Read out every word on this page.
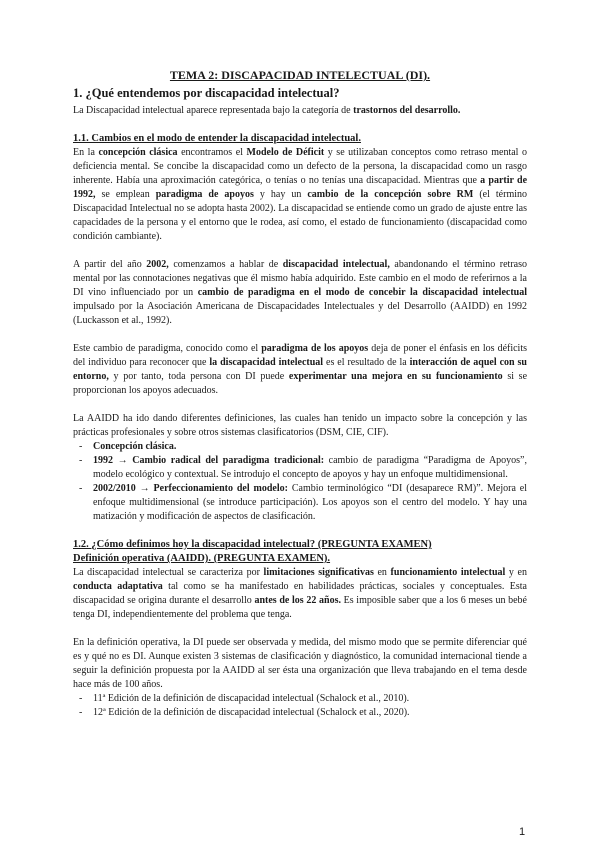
TEMA 2: DISCAPACIDAD INTELECTUAL (DI).
1. ¿Qué entendemos por discapacidad intelectual?

La Discapacidad intelectual aparece representada bajo la categoría de trastornos del desarrollo.

1.1. Cambios en el modo de entender la discapacidad intelectual.

En la concepción clásica encontramos el Modelo de Déficit y se utilizaban conceptos como retraso mental o deficiencia mental. Se concibe la discapacidad como un defecto de la persona, la discapacidad como un rasgo inherente. Había una aproximación categórica, o tenías o no tenías una discapacidad. Mientras que a partir de 1992, se emplean paradigma de apoyos y hay un cambio de la concepción sobre RM (el término Discapacidad Intelectual no se adopta hasta 2002). La discapacidad se entiende como un grado de ajuste entre las capacidades de la persona y el entorno que le rodea, así como, el estado de funcionamiento (discapacidad como condición cambiante).

A partir del año 2002, comenzamos a hablar de discapacidad intelectual, abandonando el término retraso mental por las connotaciones negativas que él mismo había adquirido. Este cambio en el modo de referirnos a la DI vino influenciado por un cambio de paradigma en el modo de concebir la discapacidad intelectual impulsado por la Asociación Americana de Discapacidades Intelectuales y del Desarrollo (AAIDD) en 1992 (Luckasson et al., 1992).

Este cambio de paradigma, conocido como el paradigma de los apoyos deja de poner el énfasis en los déficits del individuo para reconocer que la discapacidad intelectual es el resultado de la interacción de aquel con su entorno, y por tanto, toda persona con DI puede experimentar una mejora en su funcionamiento si se proporcionan los apoyos adecuados.

La AAIDD ha ido dando diferentes definiciones, las cuales han tenido un impacto sobre la concepción y las prácticas profesionales y sobre otros sistemas clasificatorios (DSM, CIE, CIF).

- Concepción clásica.
- 1992 → Cambio radical del paradigma tradicional: cambio de paradigma “Paradigma de Apoyos”, modelo ecológico y contextual. Se introdujo el concepto de apoyos y hay un enfoque multidimensional.
- 2002/2010 → Perfeccionamiento del modelo: Cambio terminológico “DI (desaparece RM)”. Mejora el enfoque multidimensional (se introduce participación). Los apoyos son el centro del modelo. Y hay una matización y modificación de aspectos de clasificación.
1.2. ¿Cómo definimos hoy la discapacidad intelectual? (PREGUNTA EXAMEN)
Definición operativa (AAIDD). (PREGUNTA EXAMEN).

La discapacidad intelectual se caracteriza por limitaciones significativas en funcionamiento intelectual y en conducta adaptativa tal como se ha manifestado en habilidades prácticas, sociales y conceptuales. Esta discapacidad se origina durante el desarrollo antes de los 22 años. Es imposible saber que a los 6 meses un bebé tenga DI, independientemente del problema que tenga.

En la definición operativa, la DI puede ser observada y medida, del mismo modo que se permite diferenciar qué es y qué no es DI. Aunque existen 3 sistemas de clasificación y diagnóstico, la comunidad internacional tiende a seguir la definición propuesta por la AAIDD al ser ésta una organización que lleva trabajando en el tema desde hace más de 100 años.

- 11ª Edición de la definición de discapacidad intelectual (Schalock et al., 2010).
- 12ª Edición de la definición de discapacidad intelectual (Schalock et al., 2020).
1
